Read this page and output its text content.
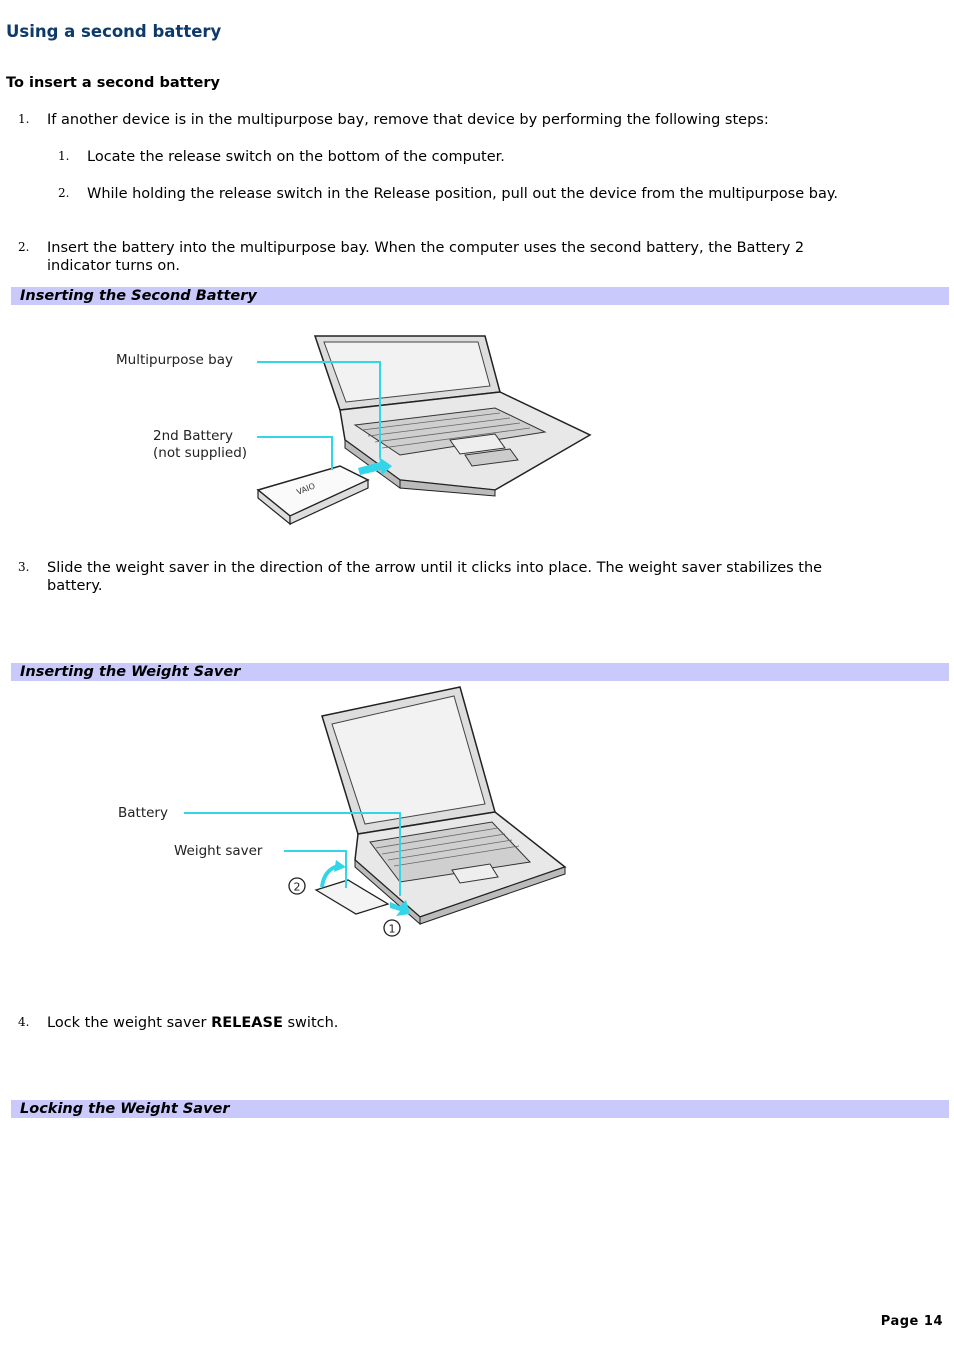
Using a second battery
To insert a second battery
1. If another device is in the multipurpose bay, remove that device by performing the following steps:
1. Locate the release switch on the bottom of the computer.
2. While holding the release switch in the Release position, pull out the device from the multipurpose bay.
2. Insert the battery into the multipurpose bay. When the computer uses the second battery, the Battery 2 indicator turns on.
Inserting the Second Battery
VAIO
Multipurpose bay
2nd Battery
(not supplied)
3. Slide the weight saver in the direction of the arrow until it clicks into place. The weight saver stabilizes the battery.
Inserting the Weight Saver
2
1
Battery
Weight saver
4. Lock the weight saver RELEASE switch.
Locking the Weight Saver
Page 14
